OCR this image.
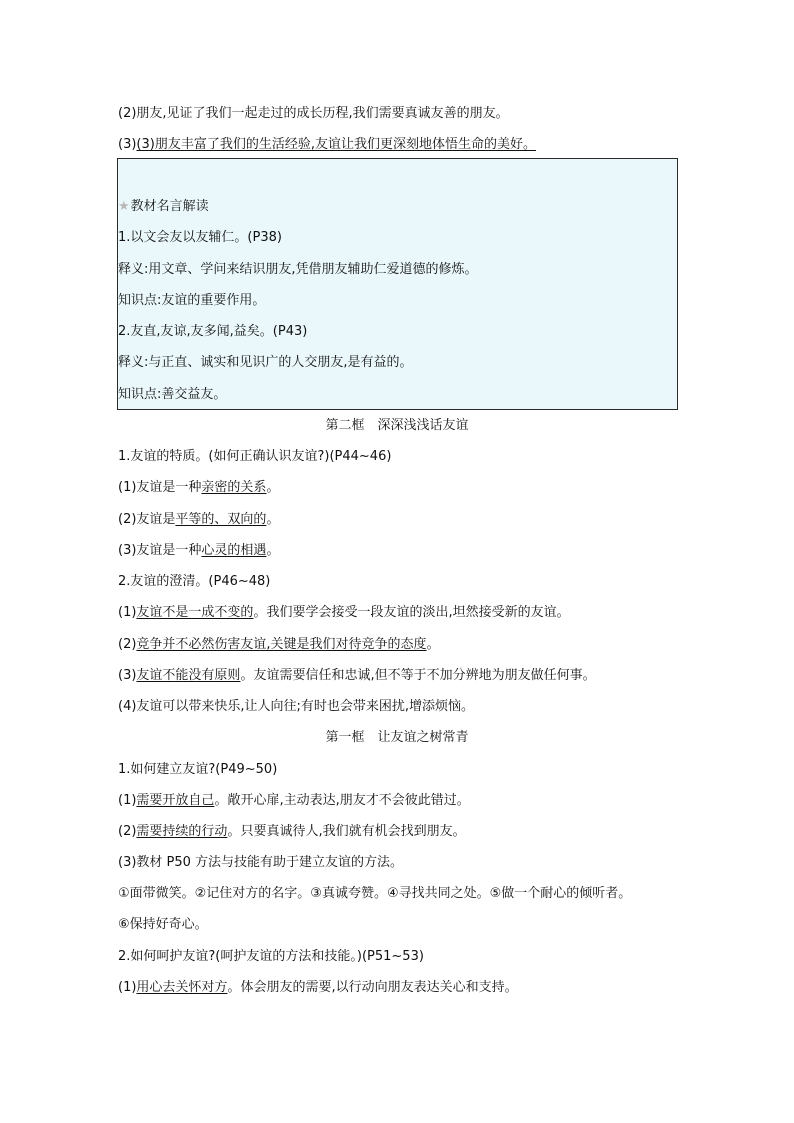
(2)朋友,见证了我们一起走过的成长历程,我们需要真诚友善的朋友。
(3)(3)朋友丰富了我们的生活经验,友谊让我们更深刻地体悟生命的美好。
★教材名言解读
1.以文会友以友辅仁。(P38)
释义:用文章、学问来结识朋友,凭借朋友辅助仁爱道德的修炼。
知识点:友谊的重要作用。
2.友直,友谅,友多闻,益矣。(P43)
释义:与正直、诚实和见识广的人交朋友,是有益的。
知识点:善交益友。
第二框　深深浅浅话友谊
1.友谊的特质。(如何正确认识友谊?)(P44~46)
(1)友谊是一种亲密的关系。
(2)友谊是平等的、双向的。
(3)友谊是一种心灵的相遇。
2.友谊的澄清。(P46~48)
(1)友谊不是一成不变的。我们要学会接受一段友谊的淡出,坦然接受新的友谊。
(2)竞争并不必然伤害友谊,关键是我们对待竞争的态度。
(3)友谊不能没有原则。友谊需要信任和忠诚,但不等于不加分辨地为朋友做任何事。
(4)友谊可以带来快乐,让人向往;有时也会带来困扰,增添烦恼。
第一框　让友谊之树常青
1.如何建立友谊?(P49~50)
(1)需要开放自己。敞开心扉,主动表达,朋友才不会彼此错过。
(2)需要持续的行动。只要真诚待人,我们就有机会找到朋友。
(3)教材 P50 方法与技能有助于建立友谊的方法。
①面带微笑。②记住对方的名字。③真诚夸赞。④寻找共同之处。⑤做一个耐心的倾听者。
⑥保持好奇心。
2.如何呵护友谊?(呵护友谊的方法和技能。)(P51~53)
(1)用心去关怀对方。体会朋友的需要,以行动向朋友表达关心和支持。
